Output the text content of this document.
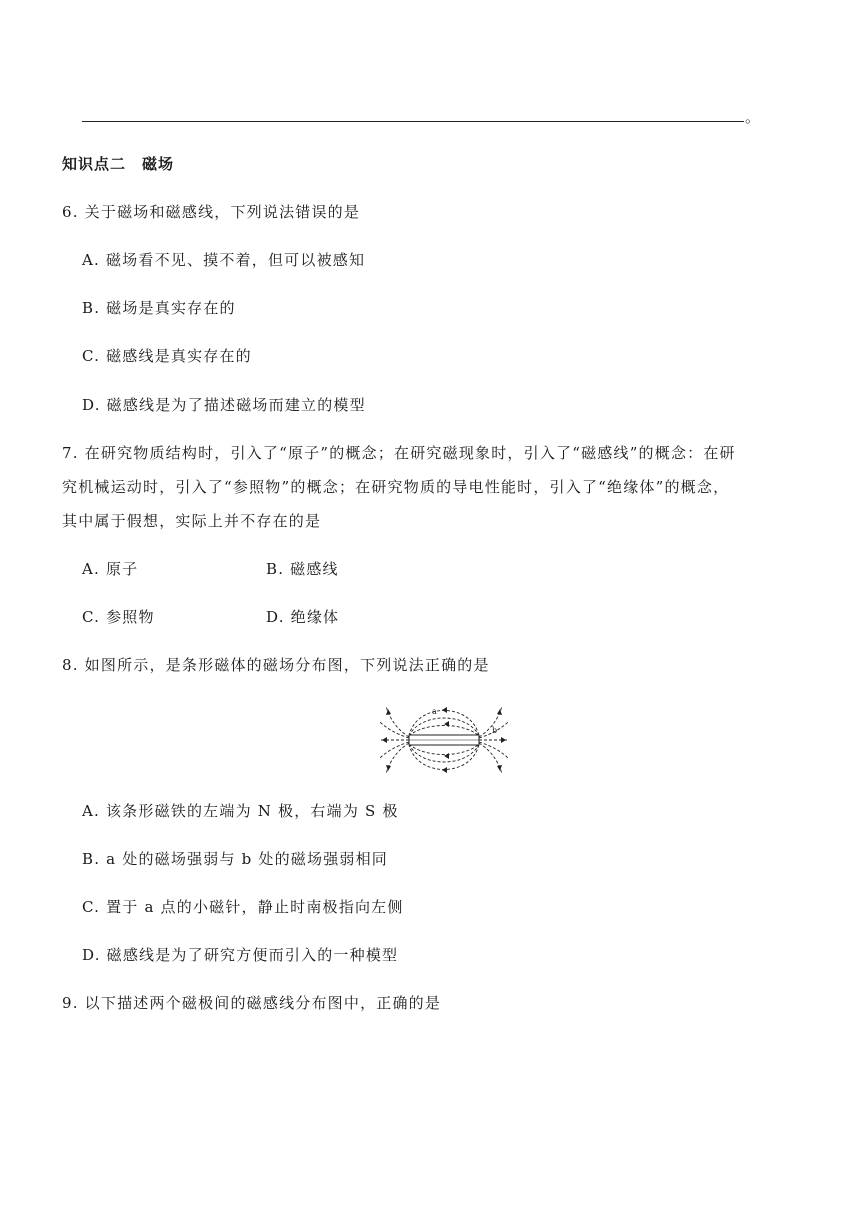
。
知识点二　磁场
6. 关于磁场和磁感线，下列说法错误的是
A. 磁场看不见、摸不着，但可以被感知
B. 磁场是真实存在的
C. 磁感线是真实存在的
D. 磁感线是为了描述磁场而建立的模型
7. 在研究物质结构时，引入了“原子”的概念；在研究磁现象时，引入了“磁感线”的概念：在研
究机械运动时，引入了“参照物”的概念；在研究物质的导电性能时，引入了“绝缘体”的概念，
其中属于假想，实际上并不存在的是
A. 原子	B. 磁感线
C. 参照物	D. 绝缘体
8. 如图所示，是条形磁体的磁场分布图，下列说法正确的是
a
b
A. 该条形磁铁的左端为 N 极，右端为 S 极
B. a 处的磁场强弱与 b 处的磁场强弱相同
C. 置于 a 点的小磁针，静止时南极指向左侧
D. 磁感线是为了研究方便而引入的一种模型
9. 以下描述两个磁极间的磁感线分布图中，正确的是
